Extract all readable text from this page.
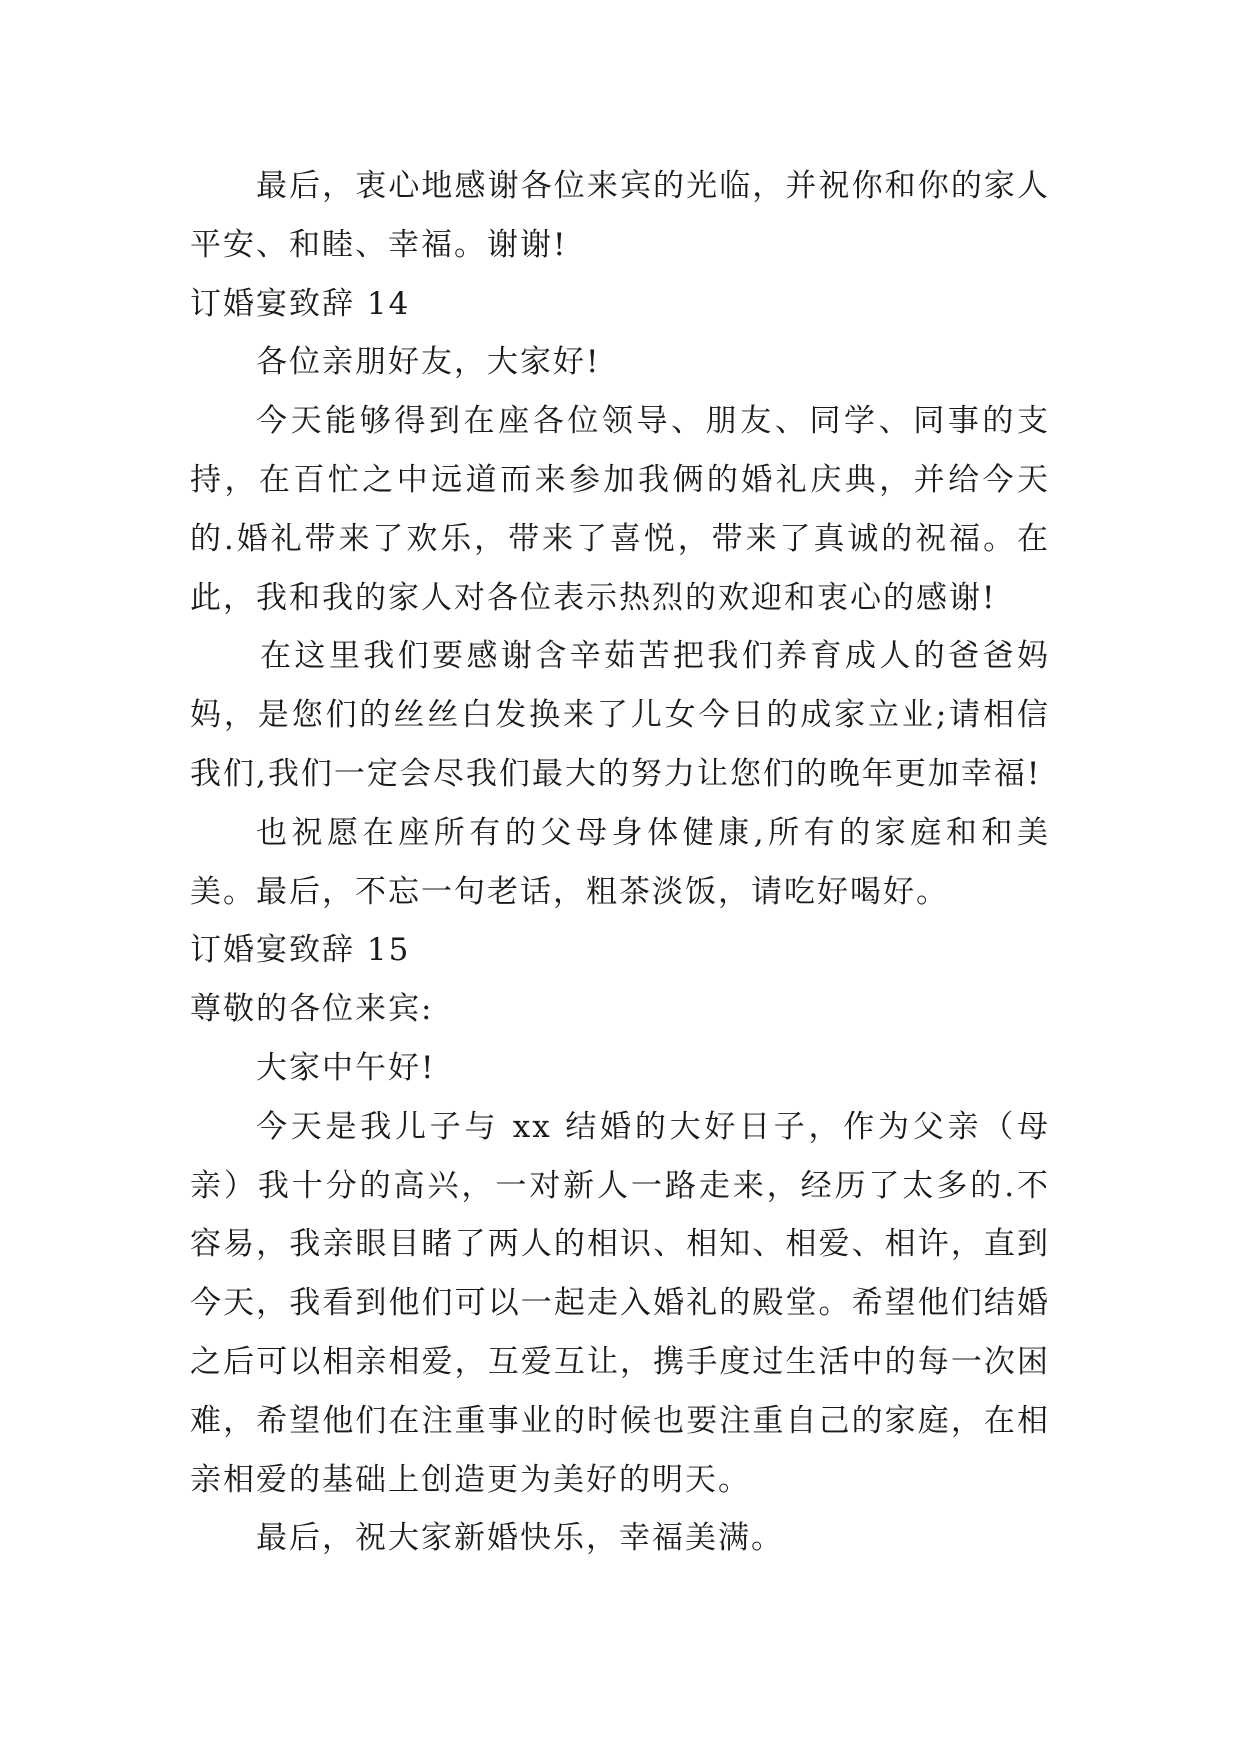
最后，衷心地感谢各位来宾的光临，并祝你和你的家人平安、和睦、幸福。谢谢!

订婚宴致辞 14

各位亲朋好友，大家好!

今天能够得到在座各位领导、朋友、同学、同事的支持，在百忙之中远道而来参加我俩的婚礼庆典，并给今天的.婚礼带来了欢乐，带来了喜悦，带来了真诚的祝福。在此，我和我的家人对各位表示热烈的欢迎和衷心的感谢!

在这里我们要感谢含辛茹苦把我们养育成人的爸爸妈妈，是您们的丝丝白发换来了儿女今日的成家立业;请相信我们,我们一定会尽我们最大的努力让您们的晚年更加幸福!

也祝愿在座所有的父母身体健康,所有的家庭和和美美。最后，不忘一句老话，粗茶淡饭，请吃好喝好。

订婚宴致辞 15

尊敬的各位来宾:

大家中午好!

今天是我儿子与 xx 结婚的大好日子，作为父亲（母亲）我十分的高兴，一对新人一路走来，经历了太多的.不容易，我亲眼目睹了两人的相识、相知、相爱、相许，直到今天，我看到他们可以一起走入婚礼的殿堂。希望他们结婚之后可以相亲相爱，互爱互让，携手度过生活中的每一次困难，希望他们在注重事业的时候也要注重自己的家庭，在相亲相爱的基础上创造更为美好的明天。

最后，祝大家新婚快乐，幸福美满。
